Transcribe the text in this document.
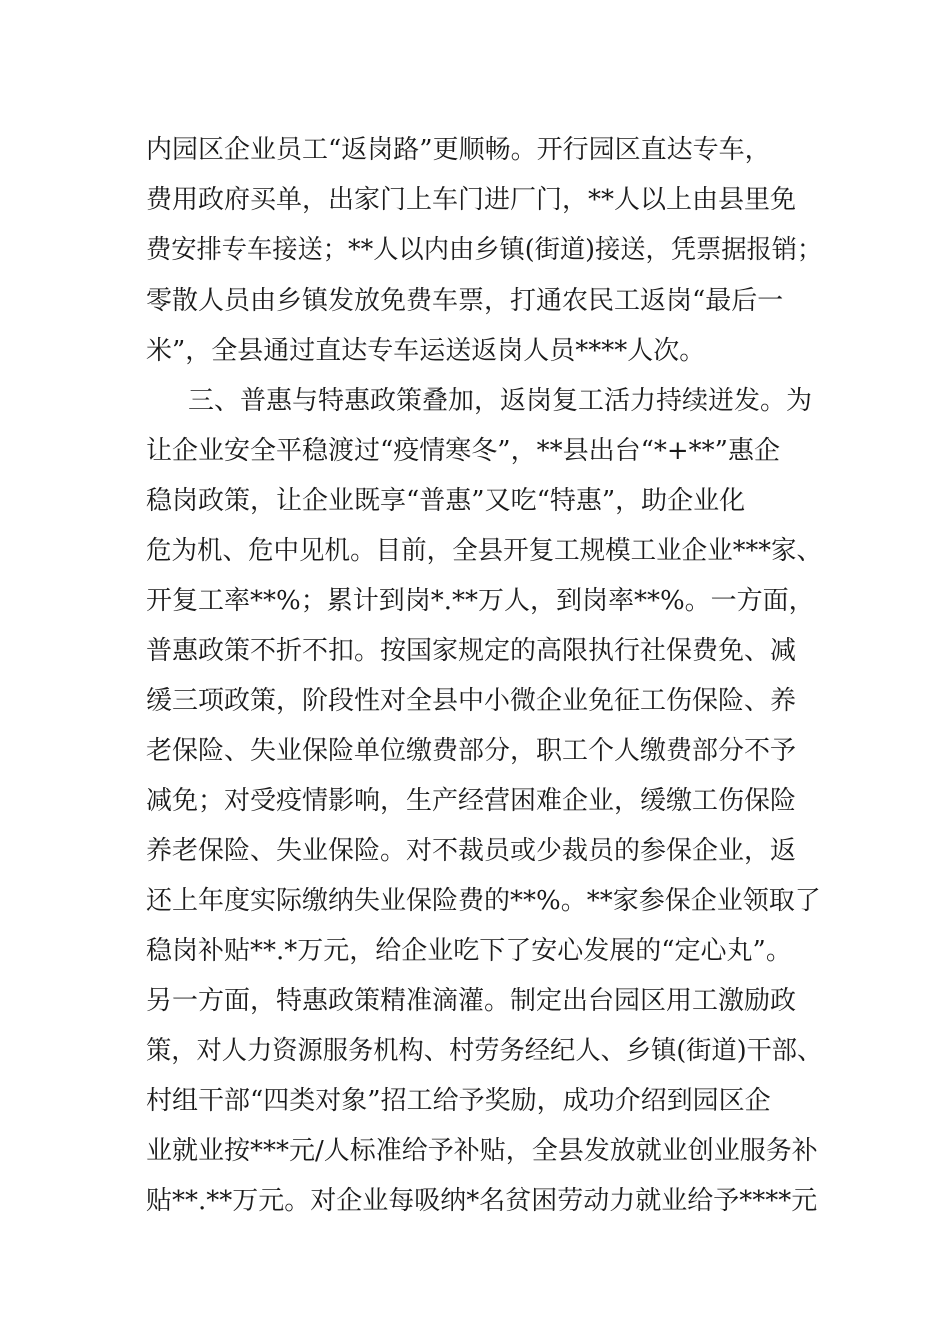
内园区企业员工“返岗路”更顺畅。开行园区直达专车，
费用政府买单，出家门上车门进厂门，**人以上由县里免
费安排专车接送；**人以内由乡镇(街道)接送，凭票据报销；
零散人员由乡镇发放免费车票，打通农民工返岗“最后一
米”，全县通过直达专车运送返岗人员****人次。
三、普惠与特惠政策叠加，返岗复工活力持续迸发。为
让企业安全平稳渡过“疫情寒冬”，**县出台“*+**”惠企
稳岗政策，让企业既享“普惠”又吃“特惠”，助企业化
危为机、危中见机。目前，全县开复工规模工业企业***家、
开复工率**%；累计到岗*.**万人，到岗率**%。一方面，
普惠政策不折不扣。按国家规定的高限执行社保费免、减
缓三项政策，阶段性对全县中小微企业免征工伤保险、养
老保险、失业保险单位缴费部分，职工个人缴费部分不予
减免；对受疫情影响，生产经营困难企业，缓缴工伤保险
养老保险、失业保险。对不裁员或少裁员的参保企业，返
还上年度实际缴纳失业保险费的**%。**家参保企业领取了
稳岗补贴**.*万元，给企业吃下了安心发展的“定心丸”。
另一方面，特惠政策精准滴灌。制定出台园区用工激励政
策，对人力资源服务机构、村劳务经纪人、乡镇(街道)干部、
村组干部“四类对象”招工给予奖励，成功介绍到园区企
业就业按***元/人标准给予补贴，全县发放就业创业服务补
贴**.**万元。对企业每吸纳*名贫困劳动力就业给予****元
